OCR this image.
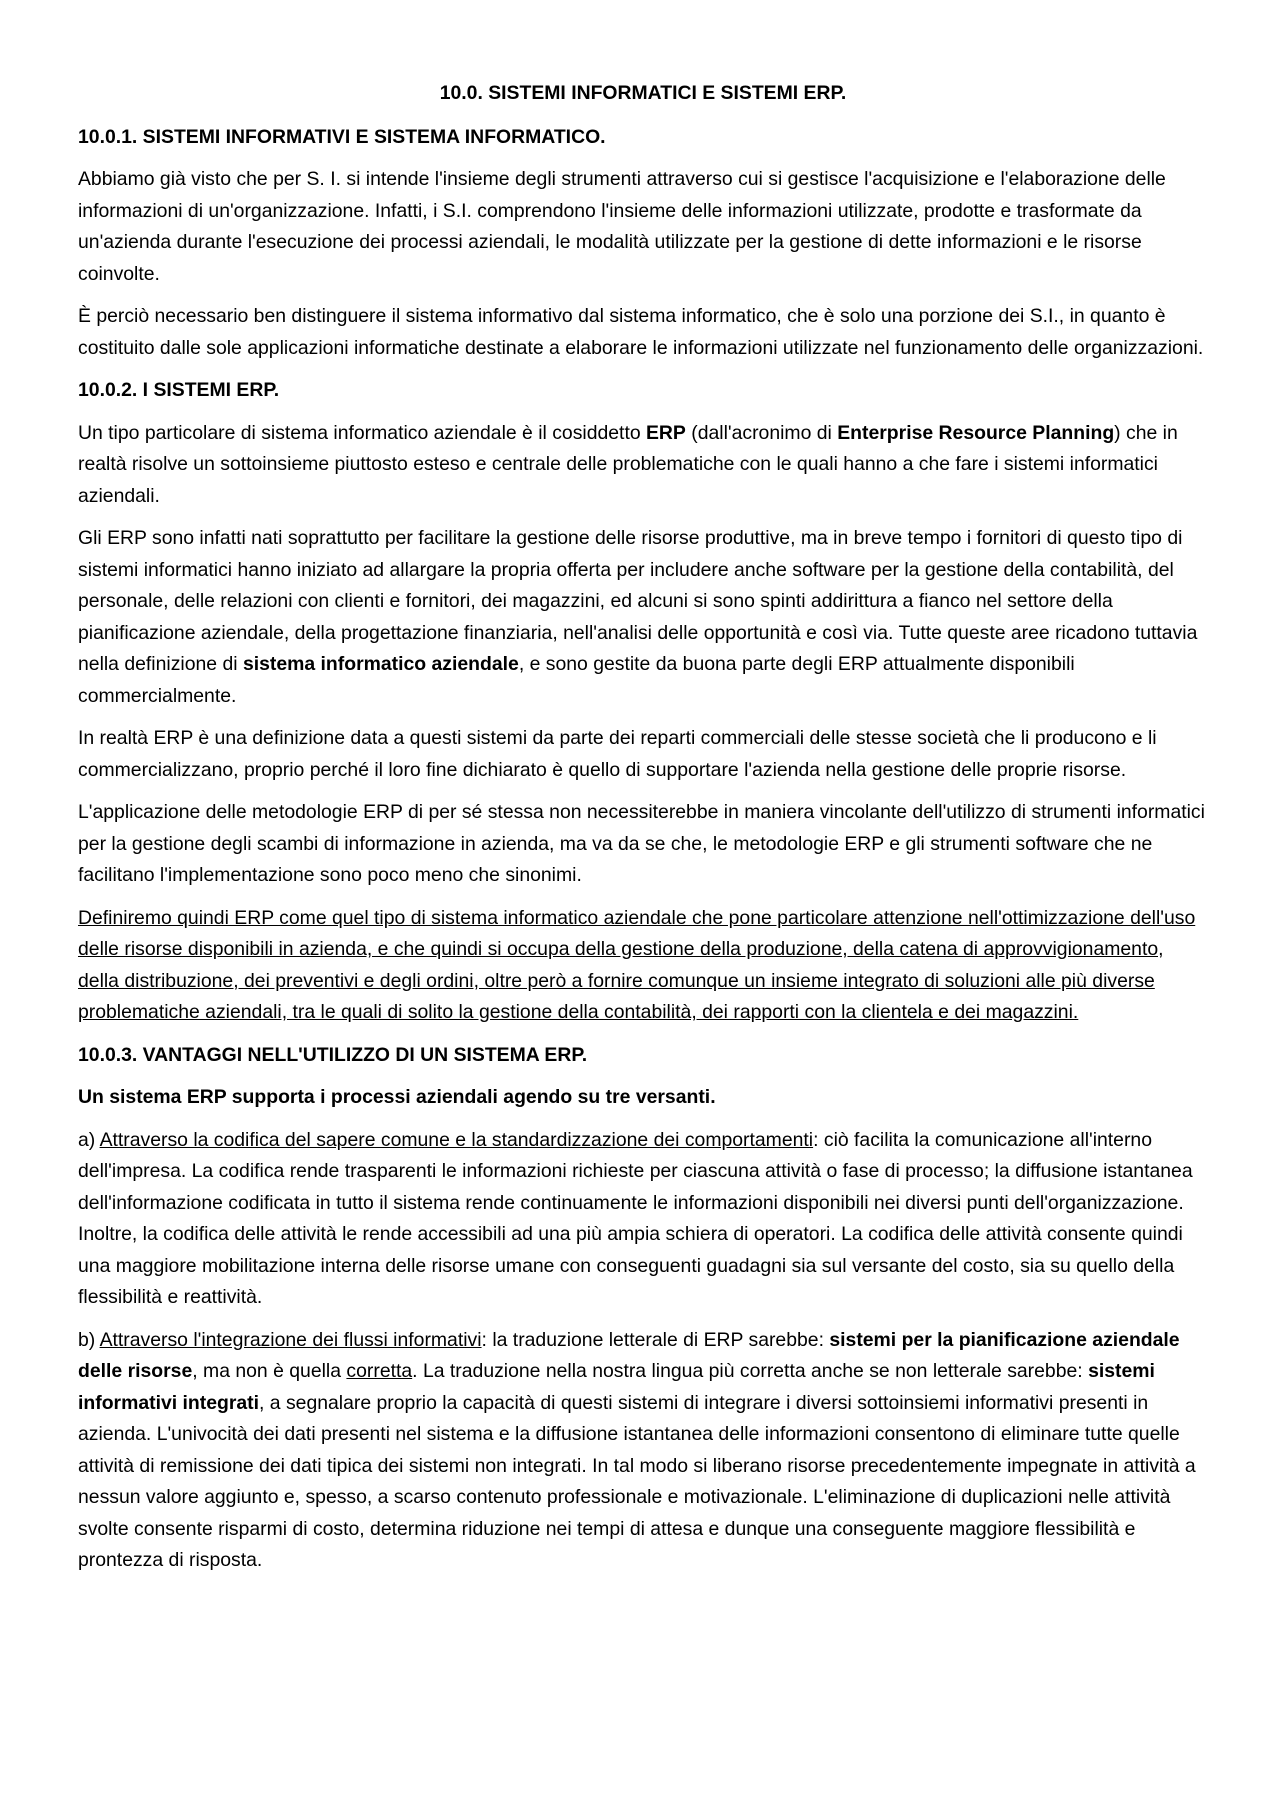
10.0. SISTEMI INFORMATICI E SISTEMI ERP.
10.0.1. SISTEMI INFORMATIVI E SISTEMA INFORMATICO.

Abbiamo già visto che per S. I. si intende l'insieme degli strumenti attraverso cui si gestisce l'acquisizione e l'elaborazione delle informazioni di un'organizzazione. Infatti, i S.I. comprendono l'insieme delle informazioni utilizzate, prodotte e trasformate da un'azienda durante l'esecuzione dei processi aziendali, le modalità utilizzate per la gestione di dette informazioni e le risorse coinvolte.

È perciò necessario ben distinguere il sistema informativo dal sistema informatico, che è solo una porzione dei S.I., in quanto è costituito dalle sole applicazioni informatiche destinate a elaborare le informazioni utilizzate nel funzionamento delle organizzazioni.

10.0.2. I SISTEMI ERP.

Un tipo particolare di sistema informatico aziendale è il cosiddetto ERP (dall'acronimo di Enterprise Resource Planning) che in realtà risolve un sottoinsieme piuttosto esteso e centrale delle problematiche con le quali hanno a che fare i sistemi informatici aziendali.

Gli ERP sono infatti nati soprattutto per facilitare la gestione delle risorse produttive, ma in breve tempo i fornitori di questo tipo di sistemi informatici hanno iniziato ad allargare la propria offerta per includere anche software per la gestione della contabilità, del personale, delle relazioni con clienti e fornitori, dei magazzini, ed alcuni si sono spinti addirittura a fianco nel settore della pianificazione aziendale, della progettazione finanziaria, nell'analisi delle opportunità e così via. Tutte queste aree ricadono tuttavia nella definizione di sistema informatico aziendale, e sono gestite da buona parte degli ERP attualmente disponibili commercialmente.

In realtà ERP è una definizione data a questi sistemi da parte dei reparti commerciali delle stesse società che li producono e li commercializzano, proprio perché il loro fine dichiarato è quello di supportare l'azienda nella gestione delle proprie risorse.

L'applicazione delle metodologie ERP di per sé stessa non necessiterebbe in maniera vincolante dell'utilizzo di strumenti informatici per la gestione degli scambi di informazione in azienda, ma va da se che, le metodologie ERP e gli strumenti software che ne facilitano l'implementazione sono poco meno che sinonimi.

Definiremo quindi ERP come quel tipo di sistema informatico aziendale che pone particolare attenzione nell'ottimizzazione dell'uso delle risorse disponibili in azienda, e che quindi si occupa della gestione della produzione, della catena di approvvigionamento, della distribuzione, dei preventivi e degli ordini, oltre però a fornire comunque un insieme integrato di soluzioni alle più diverse problematiche aziendali, tra le quali di solito la gestione della contabilità, dei rapporti con la clientela e dei magazzini.

10.0.3. VANTAGGI NELL'UTILIZZO DI UN SISTEMA ERP.

Un sistema ERP supporta i processi aziendali agendo su tre versanti.

a) Attraverso la codifica del sapere comune e la standardizzazione dei comportamenti: ciò facilita la comunicazione all'interno dell'impresa. La codifica rende trasparenti le informazioni richieste per ciascuna attività o fase di processo; la diffusione istantanea dell'informazione codificata in tutto il sistema rende continuamente le informazioni disponibili nei diversi punti dell'organizzazione. Inoltre, la codifica delle attività le rende accessibili ad una più ampia schiera di operatori. La codifica delle attività consente quindi una maggiore mobilitazione interna delle risorse umane con conseguenti guadagni sia sul versante del costo, sia su quello della flessibilità e reattività.

b) Attraverso l'integrazione dei flussi informativi: la traduzione letterale di ERP sarebbe: sistemi per la pianificazione aziendale delle risorse, ma non è quella corretta. La traduzione nella nostra lingua più corretta anche se non letterale sarebbe: sistemi informativi integrati, a segnalare proprio la capacità di questi sistemi di integrare i diversi sottoinsiemi informativi presenti in azienda. L'univocità dei dati presenti nel sistema e la diffusione istantanea delle informazioni consentono di eliminare tutte quelle attività di remissione dei dati tipica dei sistemi non integrati. In tal modo si liberano risorse precedentemente impegnate in attività a nessun valore aggiunto e, spesso, a scarso contenuto professionale e motivazionale. L'eliminazione di duplicazioni nelle attività svolte consente risparmi di costo, determina riduzione nei tempi di attesa e dunque una conseguente maggiore flessibilità e prontezza di risposta.
